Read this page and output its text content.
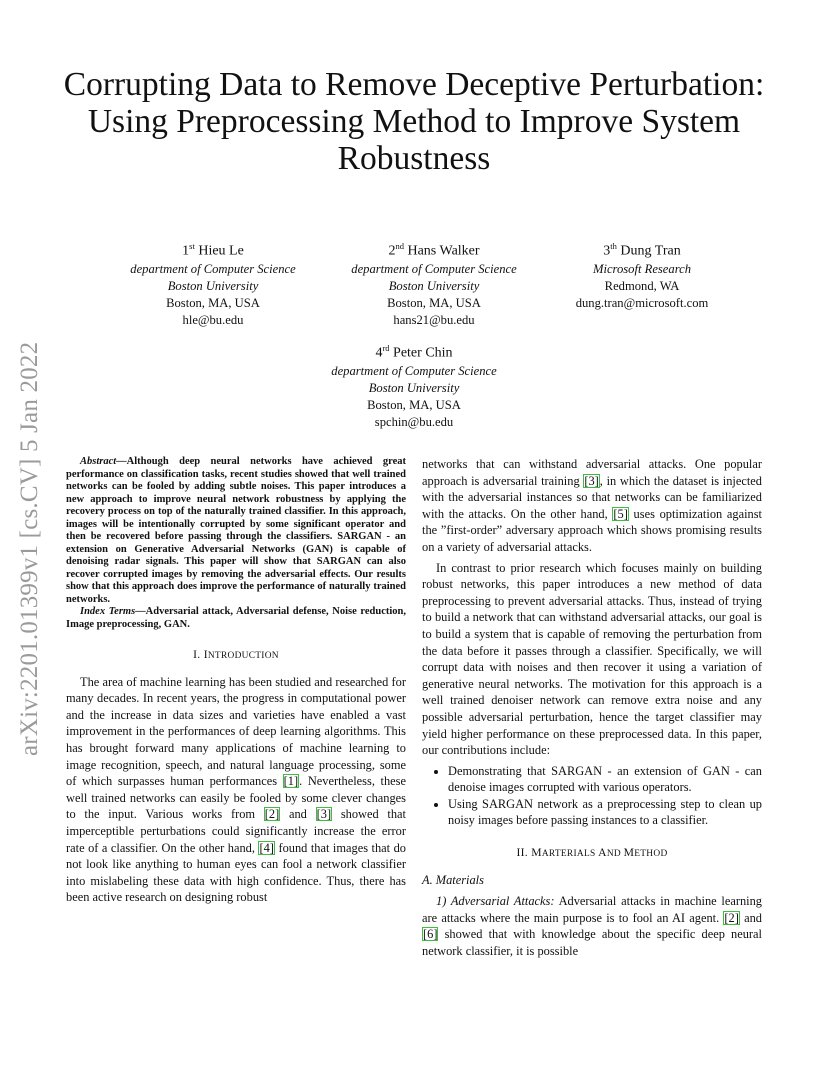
arXiv:2201.01399v1 [cs.CV] 5 Jan 2022
Corrupting Data to Remove Deceptive Perturbation: Using Preprocessing Method to Improve System Robustness
1st Hieu Le
department of Computer Science
Boston University
Boston, MA, USA
hle@bu.edu
2nd Hans Walker
department of Computer Science
Boston University
Boston, MA, USA
hans21@bu.edu
3th Dung Tran
Microsoft Research
Redmond, WA
dung.tran@microsoft.com
4rd Peter Chin
department of Computer Science
Boston University
Boston, MA, USA
spchin@bu.edu

Abstract—Although deep neural networks have achieved great performance on classification tasks, recent studies showed that well trained networks can be fooled by adding subtle noises. This paper introduces a new approach to improve neural network robustness by applying the recovery process on top of the naturally trained classifier. In this approach, images will be intentionally corrupted by some significant operator and then be recovered before passing through the classifiers. SARGAN - an extension on Generative Adversarial Networks (GAN) is capable of denoising radar signals. This paper will show that SARGAN can also recover corrupted images by removing the adversarial effects. Our results show that this approach does improve the performance of naturally trained networks.

Index Terms—Adversarial attack, Adversarial defense, Noise reduction, Image preprocessing, GAN.

I. INTRODUCTION

The area of machine learning has been studied and researched for many decades. In recent years, the progress in computational power and the increase in data sizes and varieties have enabled a vast improvement in the performances of deep learning algorithms. This has brought forward many applications of machine learning to image recognition, speech, and natural language processing, some of which surpasses human performances [1]. Nevertheless, these well trained networks can easily be fooled by some clever changes to the input. Various works from [2] and [3] showed that imperceptible perturbations could significantly increase the error rate of a classifier. On the other hand, [4] found that images that do not look like anything to human eyes can fool a network classifier into mislabeling these data with high confidence. Thus, there has been active research on designing robust

networks that can withstand adversarial attacks. One popular approach is adversarial training [3], in which the dataset is injected with the adversarial instances so that networks can be familiarized with the attacks. On the other hand, [5] uses optimization against the ”first-order” adversary approach which shows promising results on a variety of adversarial attacks.

In contrast to prior research which focuses mainly on building robust networks, this paper introduces a new method of data preprocessing to prevent adversarial attacks. Thus, instead of trying to build a network that can withstand adversarial attacks, our goal is to build a system that is capable of removing the perturbation from the data before it passes through a classifier. Specifically, we will corrupt data with noises and then recover it using a variation of generative neural networks. The motivation for this approach is a well trained denoiser network can remove extra noise and any possible adversarial perturbation, hence the target classifier may yield higher performance on these preprocessed data. In this paper, our contributions include:

• Demonstrating that SARGAN - an extension of GAN - can denoise images corrupted with various operators.
• Using SARGAN network as a preprocessing step to clean up noisy images before passing instances to a classifier.
II. MARTERIALS AND METHOD
A. Materials

1) Adversarial Attacks: Adversarial attacks in machine learning are attacks where the main purpose is to fool an AI agent. [2] and [6] showed that with knowledge about the specific deep neural network classifier, it is possible
